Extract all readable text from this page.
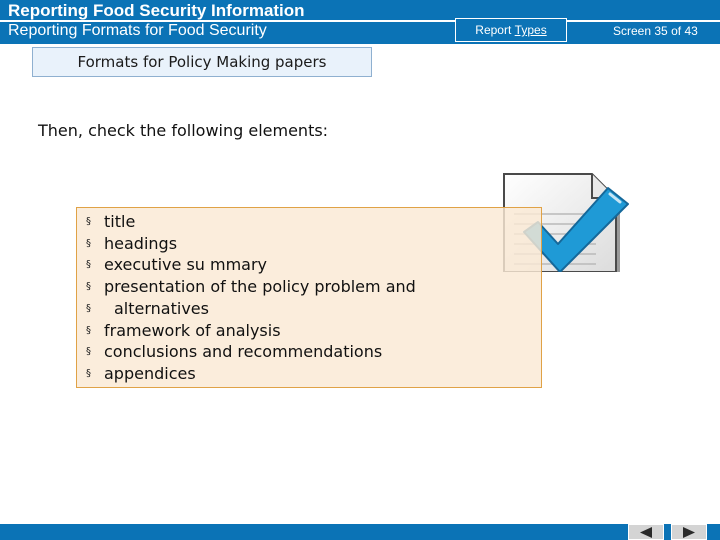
Reporting Food Security Information
Reporting Formats for Food Security	Report
Types	Screen 35 of 43
Formats for Policy Making papers
Then, check the following elements:
§ title
§ headings
§ executive su mmary
§ presentation of the policy problem and
§ alternatives
§ framework of analysis
§ conclusions and recommendations
§ appendices
